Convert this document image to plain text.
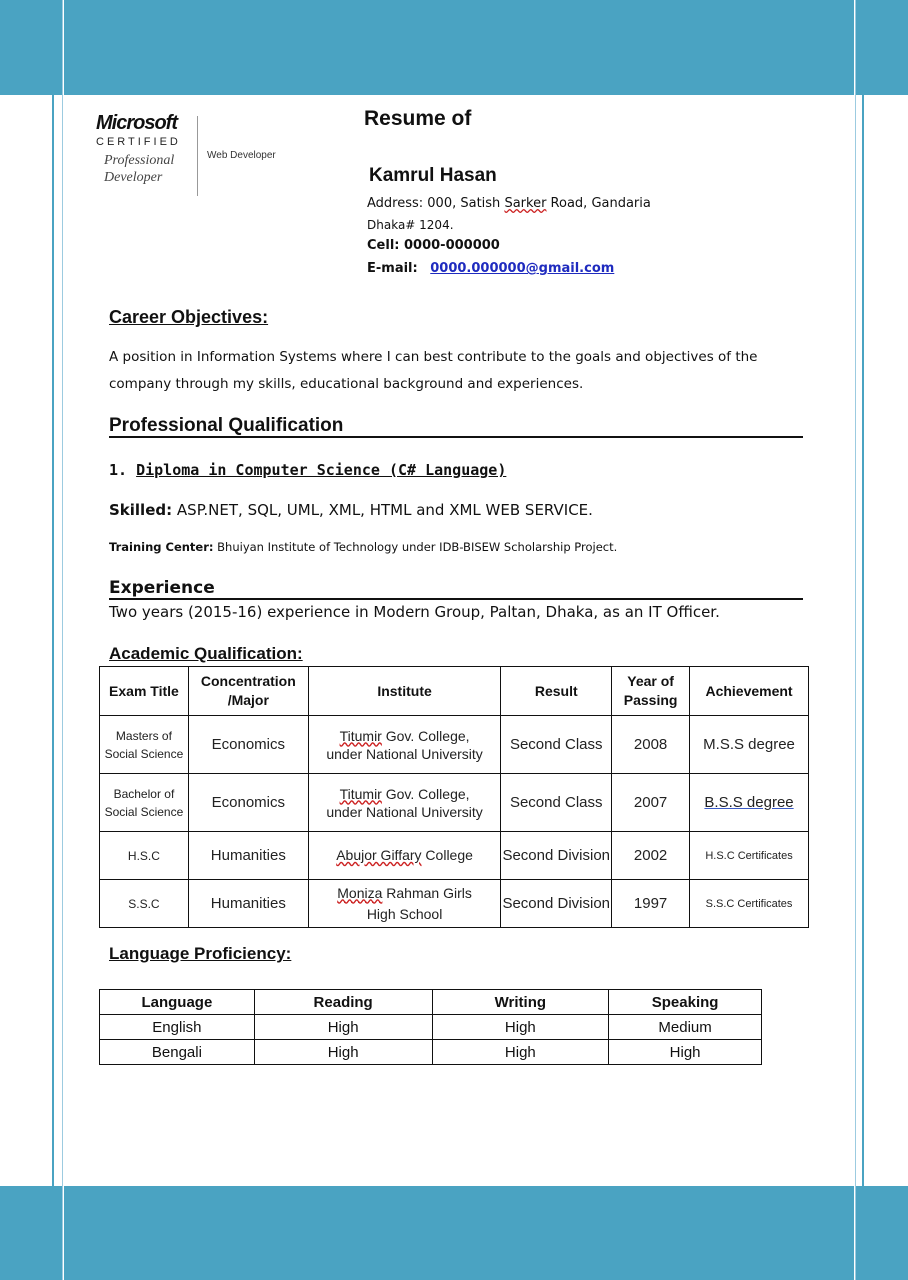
Microsoft
CERTIFIED
Professional
Developer
Web Developer
Resume of
Kamrul Hasan
Address: 000, Satish Sarker Road, Gandaria
Dhaka# 1204.
Cell: 0000-000000
E-mail: 0000.000000@gmail.com
Career Objectives:
A position in Information Systems where I can best contribute to the goals and objectives of the company through my skills, educational background and experiences.
Professional Qualification
1. Diploma in Computer Science (C# Language)
Skilled: ASP.NET, SQL, UML, XML, HTML and XML WEB SERVICE.
Training Center: Bhuiyan Institute of Technology under IDB-BISEW Scholarship Project.
Experience
Two years (2015-16) experience in Modern Group, Paltan, Dhaka, as an IT Officer.
Academic Qualification:
Exam Title	Concentration /Major	Institute	Result	Year of Passing	Achievement
Masters of Social Science	Economics	Titumir Gov. College,
under National University	Second Class	2008	M.S.S degree
Bachelor of Social Science	Economics	Titumir Gov. College,
under National University	Second Class	2007	B.S.S degree
H.S.C	Humanities	Abujor Giffary College	Second Division	2002	H.S.C Certificates
S.S.C	Humanities	Moniza Rahman Girls
High School	Second Division	1997	S.S.C Certificates
Language Proficiency:
Language	Reading	Writing	Speaking
English	High	High	Medium
Bengali	High	High	High
